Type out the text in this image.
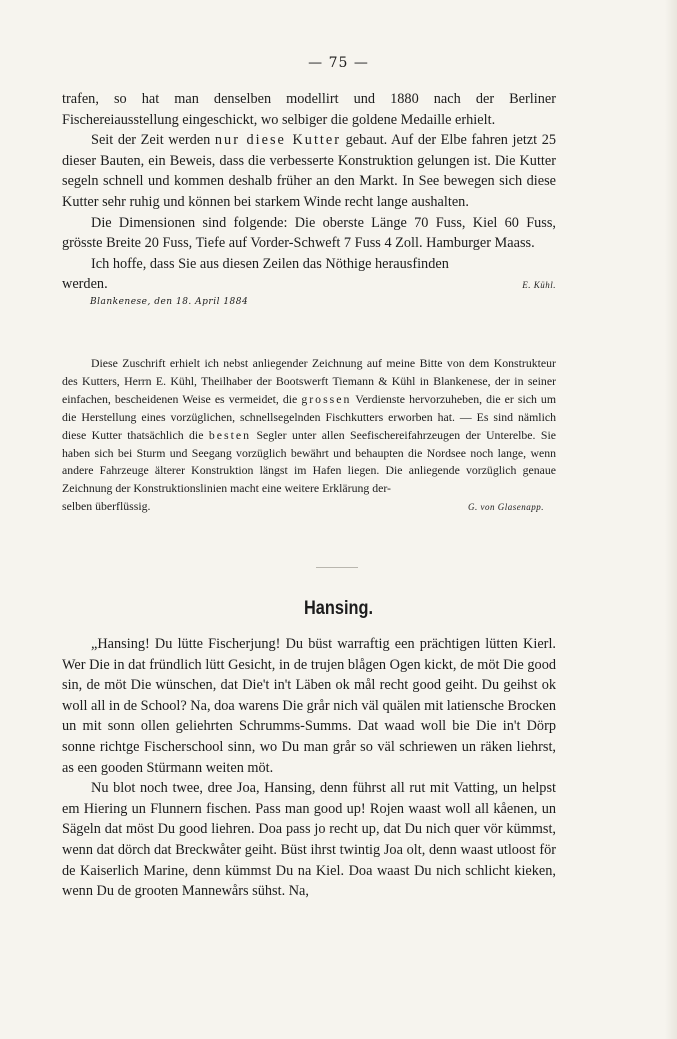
— 75 —

trafen, so hat man denselben modellirt und 1880 nach der Berliner Fischereiausstellung eingeschickt, wo selbiger die goldene Medaille erhielt.

Seit der Zeit werden nur diese Kutter gebaut. Auf der Elbe fahren jetzt 25 dieser Bauten, ein Beweis, dass die verbesserte Konstruktion gelungen ist. Die Kutter segeln schnell und kommen deshalb früher an den Markt. In See bewegen sich diese Kutter sehr ruhig und können bei starkem Winde recht lange aushalten.

Die Dimensionen sind folgende: Die oberste Länge 70 Fuss, Kiel 60 Fuss, grösste Breite 20 Fuss, Tiefe auf Vorder-Schweft 7 Fuss 4 Zoll. Hamburger Maass.

Ich hoffe, dass Sie aus diesen Zeilen das Nöthige herausfinden

werden.	E. Kühl.
Blankenese, den 18. April 1884

Diese Zuschrift erhielt ich nebst anliegender Zeichnung auf meine Bitte von dem Konstrukteur des Kutters, Herrn E. Kühl, Theilhaber der Bootswerft Tiemann & Kühl in Blankenese, der in seiner einfachen, bescheidenen Weise es vermeidet, die grossen Verdienste hervorzuheben, die er sich um die Herstellung eines vorzüglichen, schnellsegelnden Fischkutters erworben hat. — Es sind nämlich diese Kutter thatsächlich die besten Segler unter allen Seefischereifahrzeugen der Unterelbe. Sie haben sich bei Sturm und Seegang vorzüglich bewährt und behaupten die Nordsee noch lange, wenn andere Fahrzeuge älterer Konstruktion längst im Hafen liegen. Die anliegende vorzüglich genaue Zeichnung der Konstruktionslinien macht eine weitere Erklärung der-

selben überflüssig.	G. von Glasenapp.
Hansing.

„Hansing! Du lütte Fischerjung! Du büst warraftig een prächtigen lütten Kierl. Wer Die in dat fründlich lütt Gesicht, in de trujen blågen Ogen kickt, de möt Die good sin, de möt Die wünschen, dat Die't in't Läben ok mål recht good geiht. Du geihst ok woll all in de School? Na, doa warens Die grår nich väl quälen mit latiensche Brocken un mit sonn ollen geliehrten Schrumms-Summs. Dat waad woll bie Die in't Dörp sonne richtge Fischerschool sinn, wo Du man grår so väl schriewen un räken liehrst, as een gooden Stürmann weiten möt.

Nu blot noch twee, dree Joa, Hansing, denn führst all rut mit Vatting, un helpst em Hiering un Flunnern fischen. Pass man good up! Rojen waast woll all kåenen, un Sägeln dat möst Du good liehren. Doa pass jo recht up, dat Du nich quer vör kümmst, wenn dat dörch dat Breckwåter geiht. Büst ihrst twintig Joa olt, denn waast utloost för de Kaiserlich Marine, denn kümmst Du na Kiel. Doa waast Du nich schlicht kieken, wenn Du de grooten Mannewårs sühst. Na,
